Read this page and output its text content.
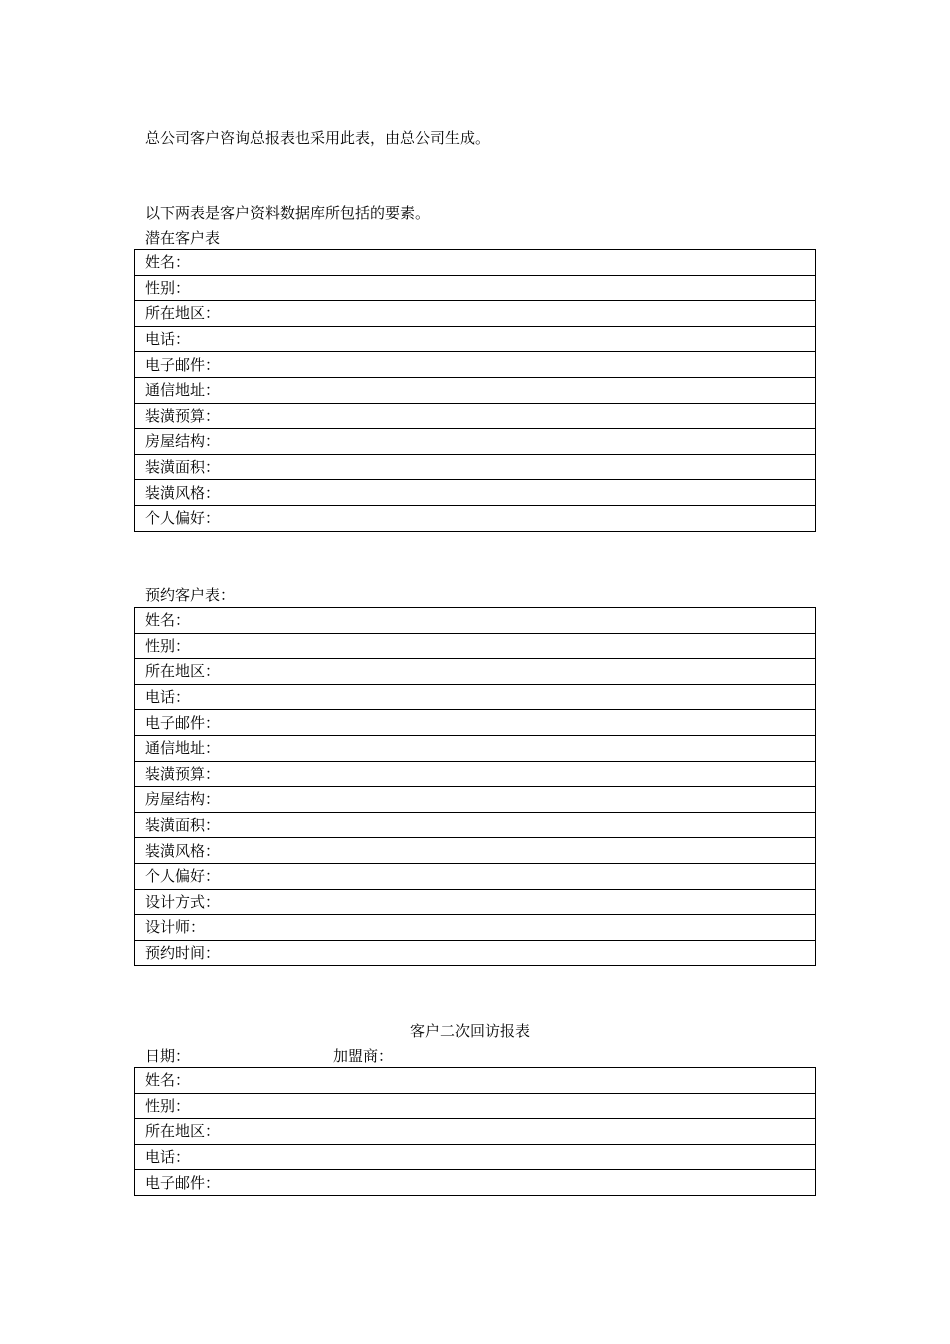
总公司客户咨询总报表也采用此表，由总公司生成。
以下两表是客户资料数据库所包括的要素。
潜在客户表
姓名：
性别：
所在地区：
电话：
电子邮件：
通信地址：
装潢预算：
房屋结构：
装潢面积：
装潢风格：
个人偏好：
预约客户表：
姓名：
性别：
所在地区：
电话：
电子邮件：
通信地址：
装潢预算：
房屋结构：
装潢面积：
装潢风格：
个人偏好：
设计方式：
设计师：
预约时间：
客户二次回访报表
日期：	加盟商：
姓名：
性别：
所在地区：
电话：
电子邮件：
